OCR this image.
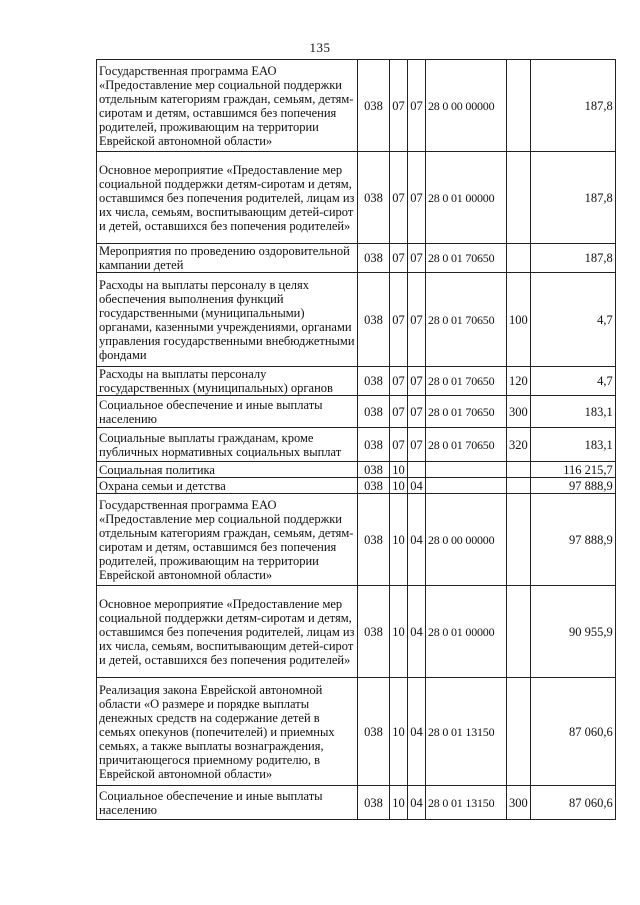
135
Государственная программа ЕАО «Предоставление мер социальной поддержки отдельным категориям граждан, семьям, детям-сиротам и детям, оставшимся без попечения родителей, проживающим на территории Еврейской автономной области»	038	07	07	28 0 00 00000		187,8
Основное мероприятие «Предоставление мер социальной поддержки детям-сиротам и детям, оставшимся без попечения родителей, лицам из их числа, семьям, воспитывающим детей-сирот и детей, оставшихся без попечения родителей»	038	07	07	28 0 01 00000		187,8
Мероприятия по проведению оздоровительной кампании детей	038	07	07	28 0 01 70650		187,8
Расходы на выплаты персоналу в целях обеспечения выполнения функций государственными (муниципальными) органами, казенными учреждениями, органами управления государственными внебюджетными фондами	038	07	07	28 0 01 70650	100	4,7
Расходы на выплаты персоналу государственных (муниципальных) органов	038	07	07	28 0 01 70650	120	4,7
Социальное обеспечение и иные выплаты населению	038	07	07	28 0 01 70650	300	183,1
Социальные выплаты гражданам, кроме публичных нормативных социальных выплат	038	07	07	28 0 01 70650	320	183,1
Социальная политика	038	10				116 215,7
Охрана семьи и детства	038	10	04			97 888,9
Государственная программа ЕАО «Предоставление мер социальной поддержки отдельным категориям граждан, семьям, детям-сиротам и детям, оставшимся без попечения родителей, проживающим на территории Еврейской автономной области»	038	10	04	28 0 00 00000		97 888,9
Основное мероприятие «Предоставление мер социальной поддержки детям-сиротам и детям, оставшимся без попечения родителей, лицам из их числа, семьям, воспитывающим детей-сирот и детей, оставшихся без попечения родителей»	038	10	04	28 0 01 00000		90 955,9
Реализация закона Еврейской автономной области «О размере и порядке выплаты денежных средств на содержание детей в семьях опекунов (попечителей) и приемных семьях, а также выплаты вознаграждения, причитающегося приемному родителю, в Еврейской автономной области»	038	10	04	28 0 01 13150		87 060,6
Социальное обеспечение и иные выплаты населению	038	10	04	28 0 01 13150	300	87 060,6
